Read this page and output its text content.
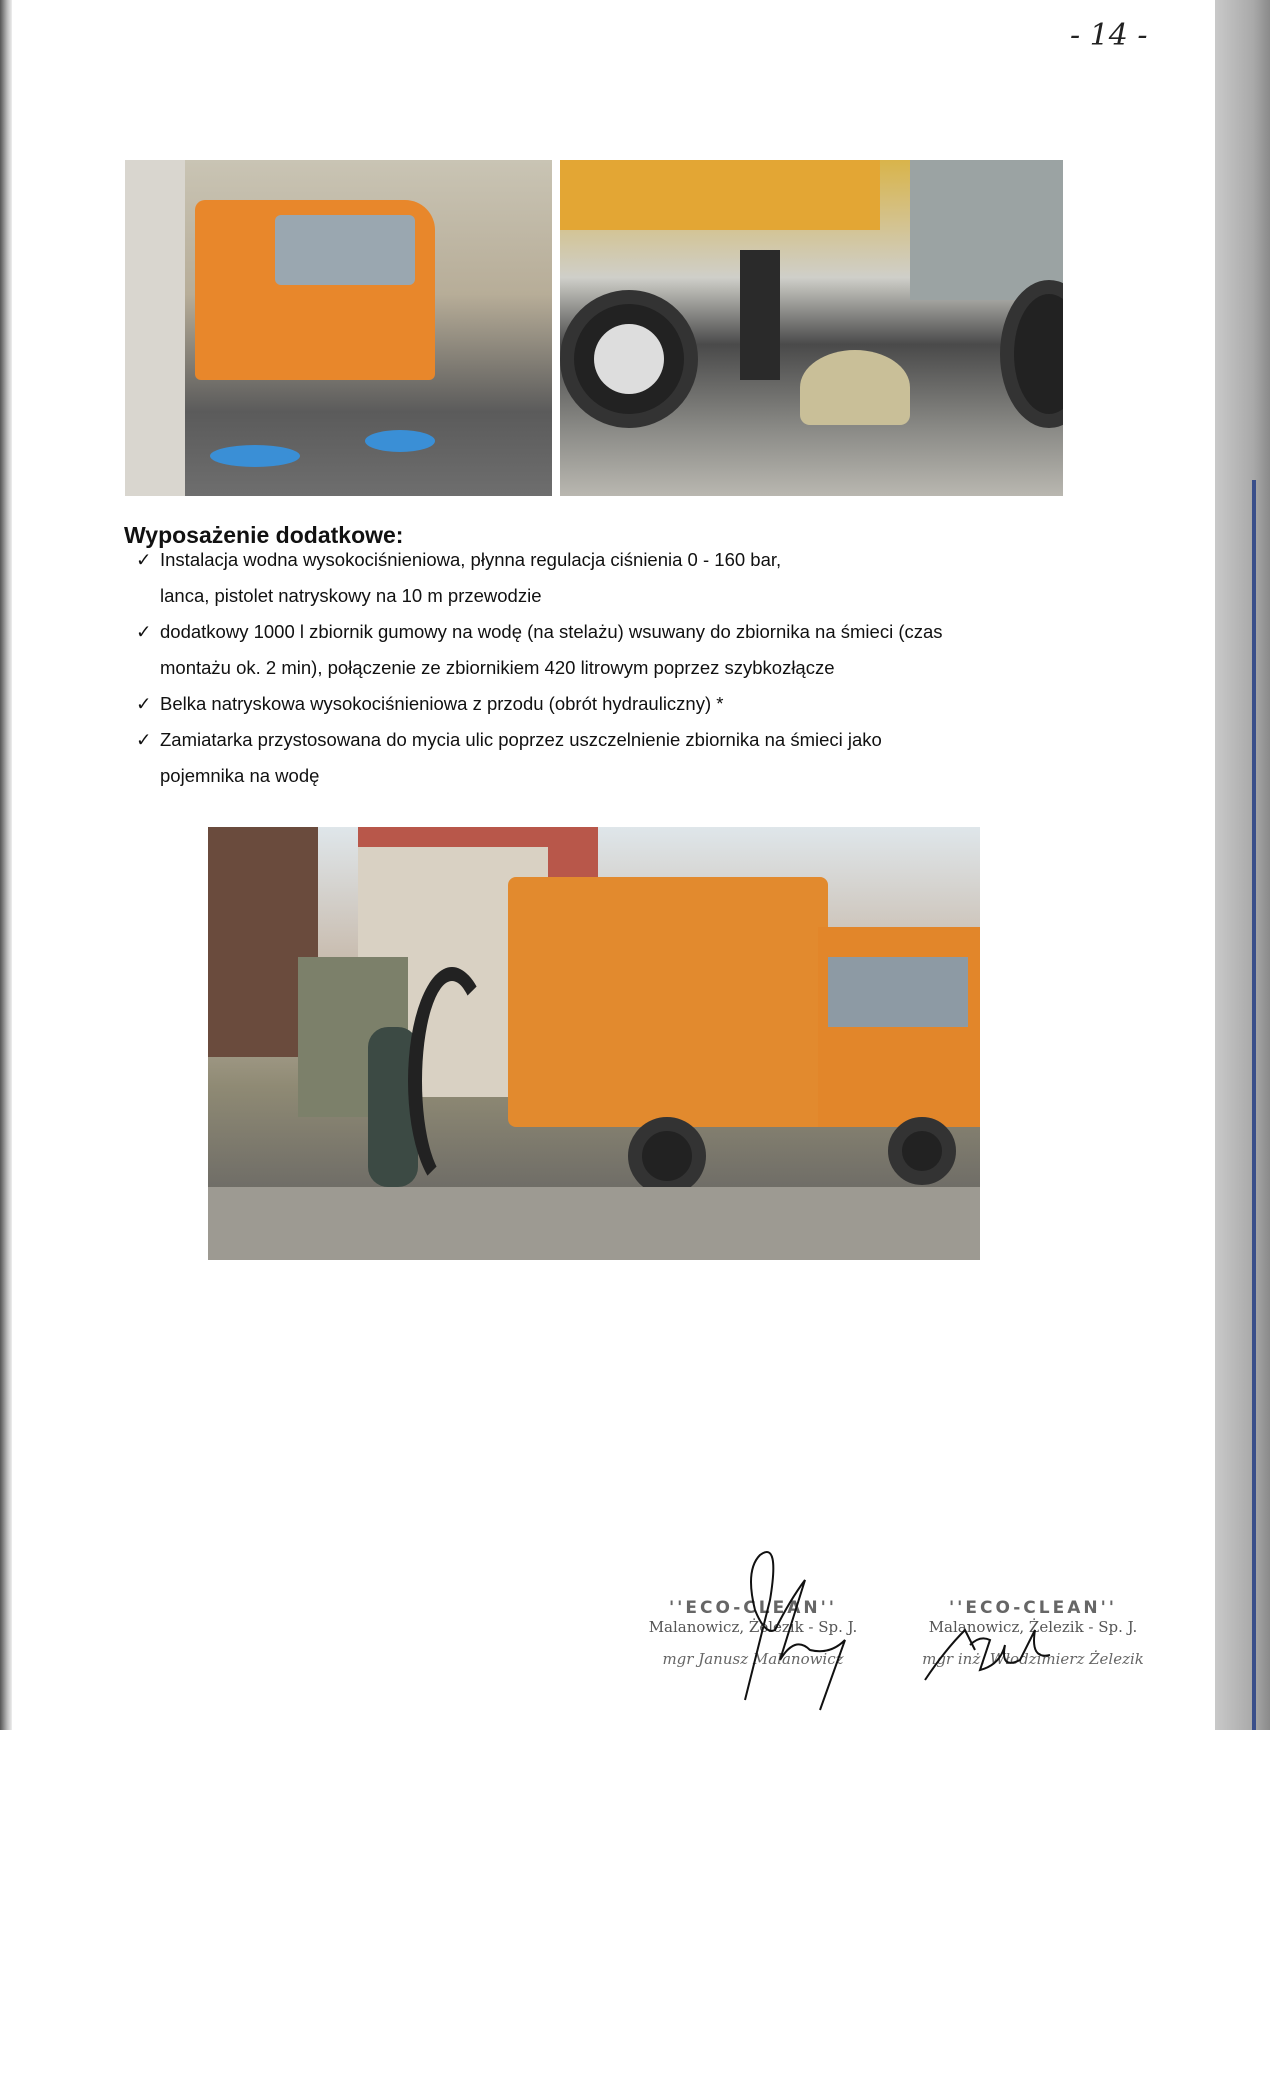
- 14 -
Wyposażenie dodatkowe:
✓ Instalacja wodna wysokociśnieniowa, płynna regulacja ciśnienia 0 - 160 bar,
lanca, pistolet natryskowy na 10 m przewodzie
✓ dodatkowy 1000 l zbiornik gumowy na wodę (na stelażu) wsuwany do zbiornika na śmieci (czas
montażu ok. 2 min), połączenie ze zbiornikiem 420 litrowym poprzez szybkozłącze
✓ Belka natryskowa wysokociśnieniowa z przodu (obrót hydrauliczny) *
✓ Zamiatarka przystosowana do mycia ulic poprzez uszczelnienie zbiornika na śmieci jako
pojemnika na wodę
''ECO-CLEAN''
Malanowicz, Żelezik - Sp. J.
mgr Janusz Malanowicz
''ECO-CLEAN''
Malanowicz, Żelezik - Sp. J.
mgr inż. Włodzimierz Żelezik
